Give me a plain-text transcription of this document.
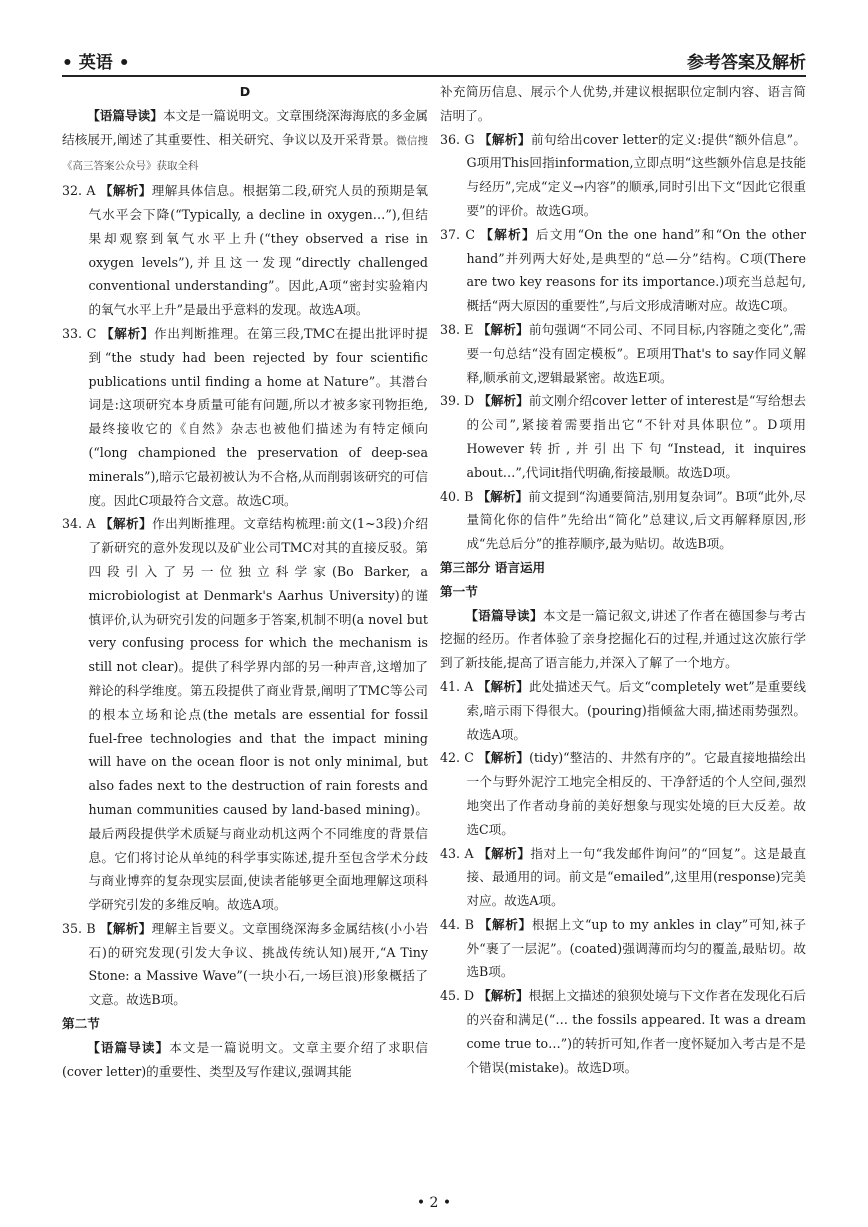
• 英语 •	参考答案及解析

D

【语篇导读】本文是一篇说明文。文章围绕深海海底的多金属结核展开,阐述了其重要性、相关研究、争议以及开采背景。微信搜《高三答案公众号》获取全科

32. A 【解析】理解具体信息。根据第二段,研究人员的预期是氧气水平会下降(“Typically, a decline in oxygen…”),但结果却观察到氧气水平上升(“they observed a rise in oxygen levels”),并且这一发现“directly challenged conventional understanding”。因此,A项“密封实验箱内的氧气水平上升”是最出乎意料的发现。故选A项。

33. C 【解析】作出判断推理。在第三段,TMC在提出批评时提到“the study had been rejected by four scientific publications until finding a home at Nature”。其潜台词是:这项研究本身质量可能有问题,所以才被多家刊物拒绝,最终接收它的《自然》杂志也被他们描述为有特定倾向(“long championed the preservation of deep-sea minerals”),暗示它最初被认为不合格,从而削弱该研究的可信度。因此C项最符合文意。故选C项。

34. A 【解析】作出判断推理。文章结构梳理:前文(1~3段)介绍了新研究的意外发现以及矿业公司TMC对其的直接反驳。第四段引入了另一位独立科学家(Bo Barker, a microbiologist at Denmark's Aarhus University)的谨慎评价,认为研究引发的问题多于答案,机制不明(a novel but very confusing process for which the mechanism is still not clear)。提供了科学界内部的另一种声音,这增加了辩论的科学维度。第五段提供了商业背景,阐明了TMC等公司的根本立场和论点(the metals are essential for fossil fuel-free technologies and that the impact mining will have on the ocean floor is not only minimal, but also fades next to the destruction of rain forests and human communities caused by land-based mining)。最后两段提供学术质疑与商业动机这两个不同维度的背景信息。它们将讨论从单纯的科学事实陈述,提升至包含学术分歧与商业博弈的复杂现实层面,使读者能够更全面地理解这项科学研究引发的多维反响。故选A项。

35. B 【解析】理解主旨要义。文章围绕深海多金属结核(小小岩石)的研究发现(引发大争议、挑战传统认知)展开,“A Tiny Stone: a Massive Wave”(一块小石,一场巨浪)形象概括了文意。故选B项。

第二节

【语篇导读】本文是一篇说明文。文章主要介绍了求职信(cover letter)的重要性、类型及写作建议,强调其能

补充简历信息、展示个人优势,并建议根据职位定制内容、语言简洁明了。

36. G 【解析】前句给出cover letter的定义:提供“额外信息”。G项用This回指information,立即点明“这些额外信息是技能与经历”,完成“定义→内容”的顺承,同时引出下文“因此它很重要”的评价。故选G项。

37. C 【解析】后文用“On the one hand”和“On the other hand”并列两大好处,是典型的“总—分”结构。C项(There are two key reasons for its importance.)项充当总起句,概括“两大原因的重要性”,与后文形成清晰对应。故选C项。

38. E 【解析】前句强调“不同公司、不同目标,内容随之变化”,需要一句总结“没有固定模板”。E项用That's to say作同义解释,顺承前文,逻辑最紧密。故选E项。

39. D 【解析】前文刚介绍cover letter of interest是“写给想去的公司”,紧接着需要指出它“不针对具体职位”。D项用However转折,并引出下句“Instead, it inquires about…”,代词it指代明确,衔接最顺。故选D项。

40. B 【解析】前文提到“沟通要简洁,别用复杂词”。B项“此外,尽量简化你的信件”先给出“简化”总建议,后文再解释原因,形成“先总后分”的推荐顺序,最为贴切。故选B项。

第三部分 语言运用

第一节

【语篇导读】本文是一篇记叙文,讲述了作者在德国参与考古挖掘的经历。作者体验了亲身挖掘化石的过程,并通过这次旅行学到了新技能,提高了语言能力,并深入了解了一个地方。

41. A 【解析】此处描述天气。后文“completely wet”是重要线索,暗示雨下得很大。(pouring)指倾盆大雨,描述雨势强烈。故选A项。

42. C 【解析】(tidy)“整洁的、井然有序的”。它最直接地描绘出一个与野外泥泞工地完全相反的、干净舒适的个人空间,强烈地突出了作者动身前的美好想象与现实处境的巨大反差。故选C项。

43. A 【解析】指对上一句“我发邮件询问”的“回复”。这是最直接、最通用的词。前文是“emailed”,这里用(response)完美对应。故选A项。

44. B 【解析】根据上文“up to my ankles in clay”可知,袜子外“裹了一层泥”。(coated)强调薄而均匀的覆盖,最贴切。故选B项。

45. D 【解析】根据上文描述的狼狈处境与下文作者在发现化石后的兴奋和满足(“… the fossils appeared. It was a dream come true to…”)的转折可知,作者一度怀疑加入考古是不是个错误(mistake)。故选D项。

• 2 •
